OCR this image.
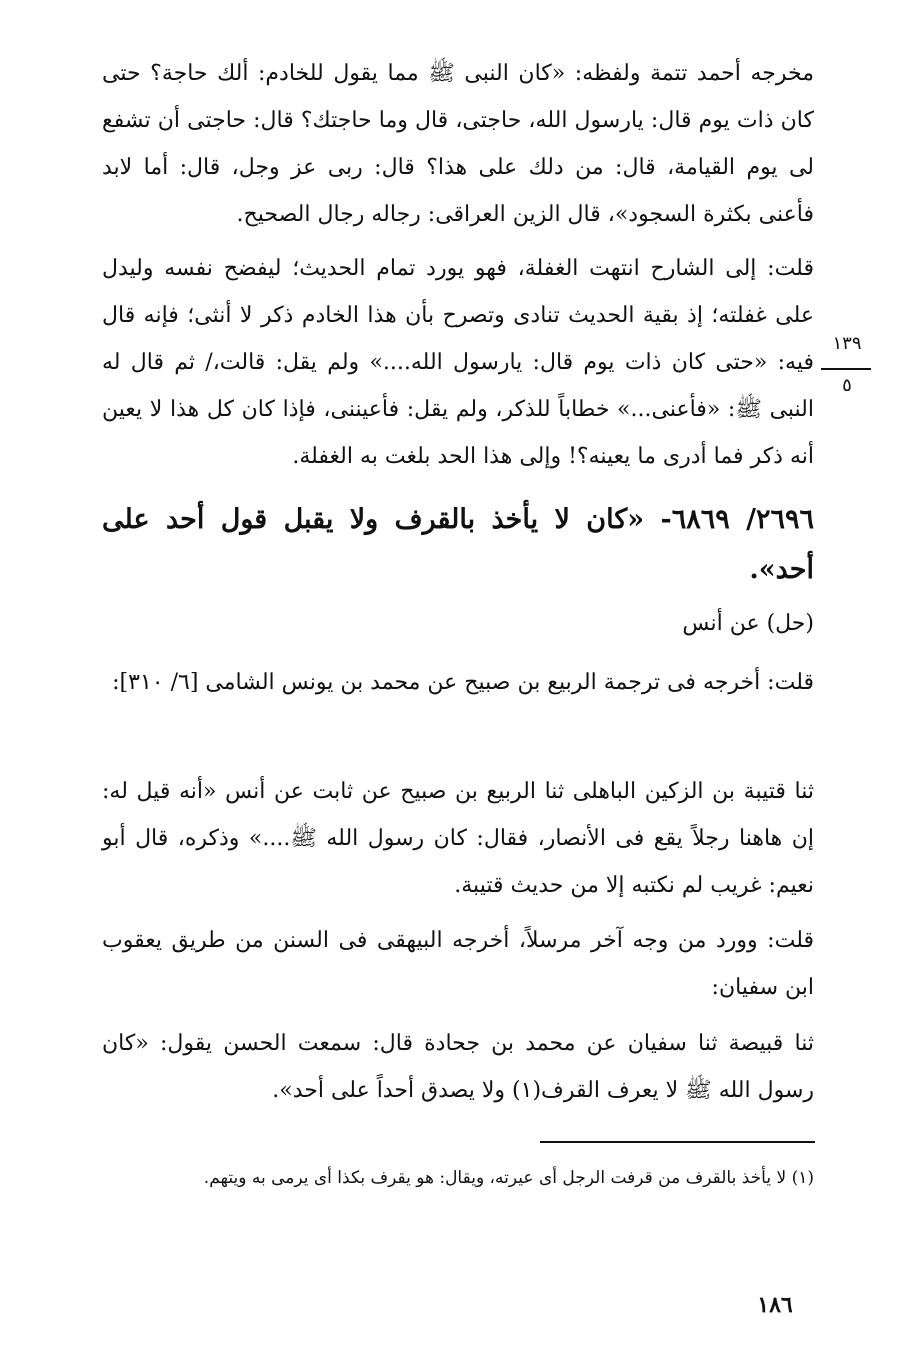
مخرجه أحمد تتمة ولفظه: «كان النبى ﷺ مما يقول للخادم: ألك حاجة؟ حتى كان ذات يوم قال: يارسول الله، حاجتى، قال وما حاجتك؟ قال: حاجتى أن تشفع لى يوم القيامة، قال: من دلك على هذا؟ قال: ربى عز وجل، قال: أما لابد فأعنى بكثرة السجود»، قال الزين العراقى: رجاله رجال الصحيح.

قلت: إلى الشارح انتهت الغفلة، فهو يورد تمام الحديث؛ ليفضح نفسه وليدل على غفلته؛ إذ بقية الحديث تنادى وتصرح بأن هذا الخادم ذكر لا أنثى؛ فإنه قال فيه: «حتى كان ذات يوم قال: يارسول الله....» ولم يقل: قالت،/ ثم قال له النبى ﷺ: «فأعنى...» خطاباً للذكر، ولم يقل: فأعيننى، فإذا كان كل هذا لا يعين أنه ذكر فما أدرى ما يعينه؟! وإلى هذا الحد بلغت به الغفلة.

١٣٩
٥

٢٦٩٦/ ٦٨٦٩- «كان لا يأخذ بالقرف ولا يقبل قول أحد على أحد».

(حل) عن أنس

قلت: أخرجه فى ترجمة الربيع بن صبيح عن محمد بن يونس الشامى [٦/ ٣١٠]:

ثنا قتيبة بن الزكين الباهلى ثنا الربيع بن صبيح عن ثابت عن أنس «أنه قيل له: إن هاهنا رجلاً يقع فى الأنصار، فقال: كان رسول الله ﷺ....» وذكره، قال أبو نعيم: غريب لم نكتبه إلا من حديث قتيبة.

قلت: وورد من وجه آخر مرسلاً، أخرجه البيهقى فى السنن من طريق يعقوب ابن سفيان:

ثنا قبيصة ثنا سفيان عن محمد بن جحادة قال: سمعت الحسن يقول: «كان رسول الله ﷺ لا يعرف القرف(١) ولا يصدق أحداً على أحد».

(١) لا يأخذ بالقرف من قرفت الرجل أى عيرته، ويقال: هو يقرف بكذا أى يرمى به ويتهم.

١٨٦
